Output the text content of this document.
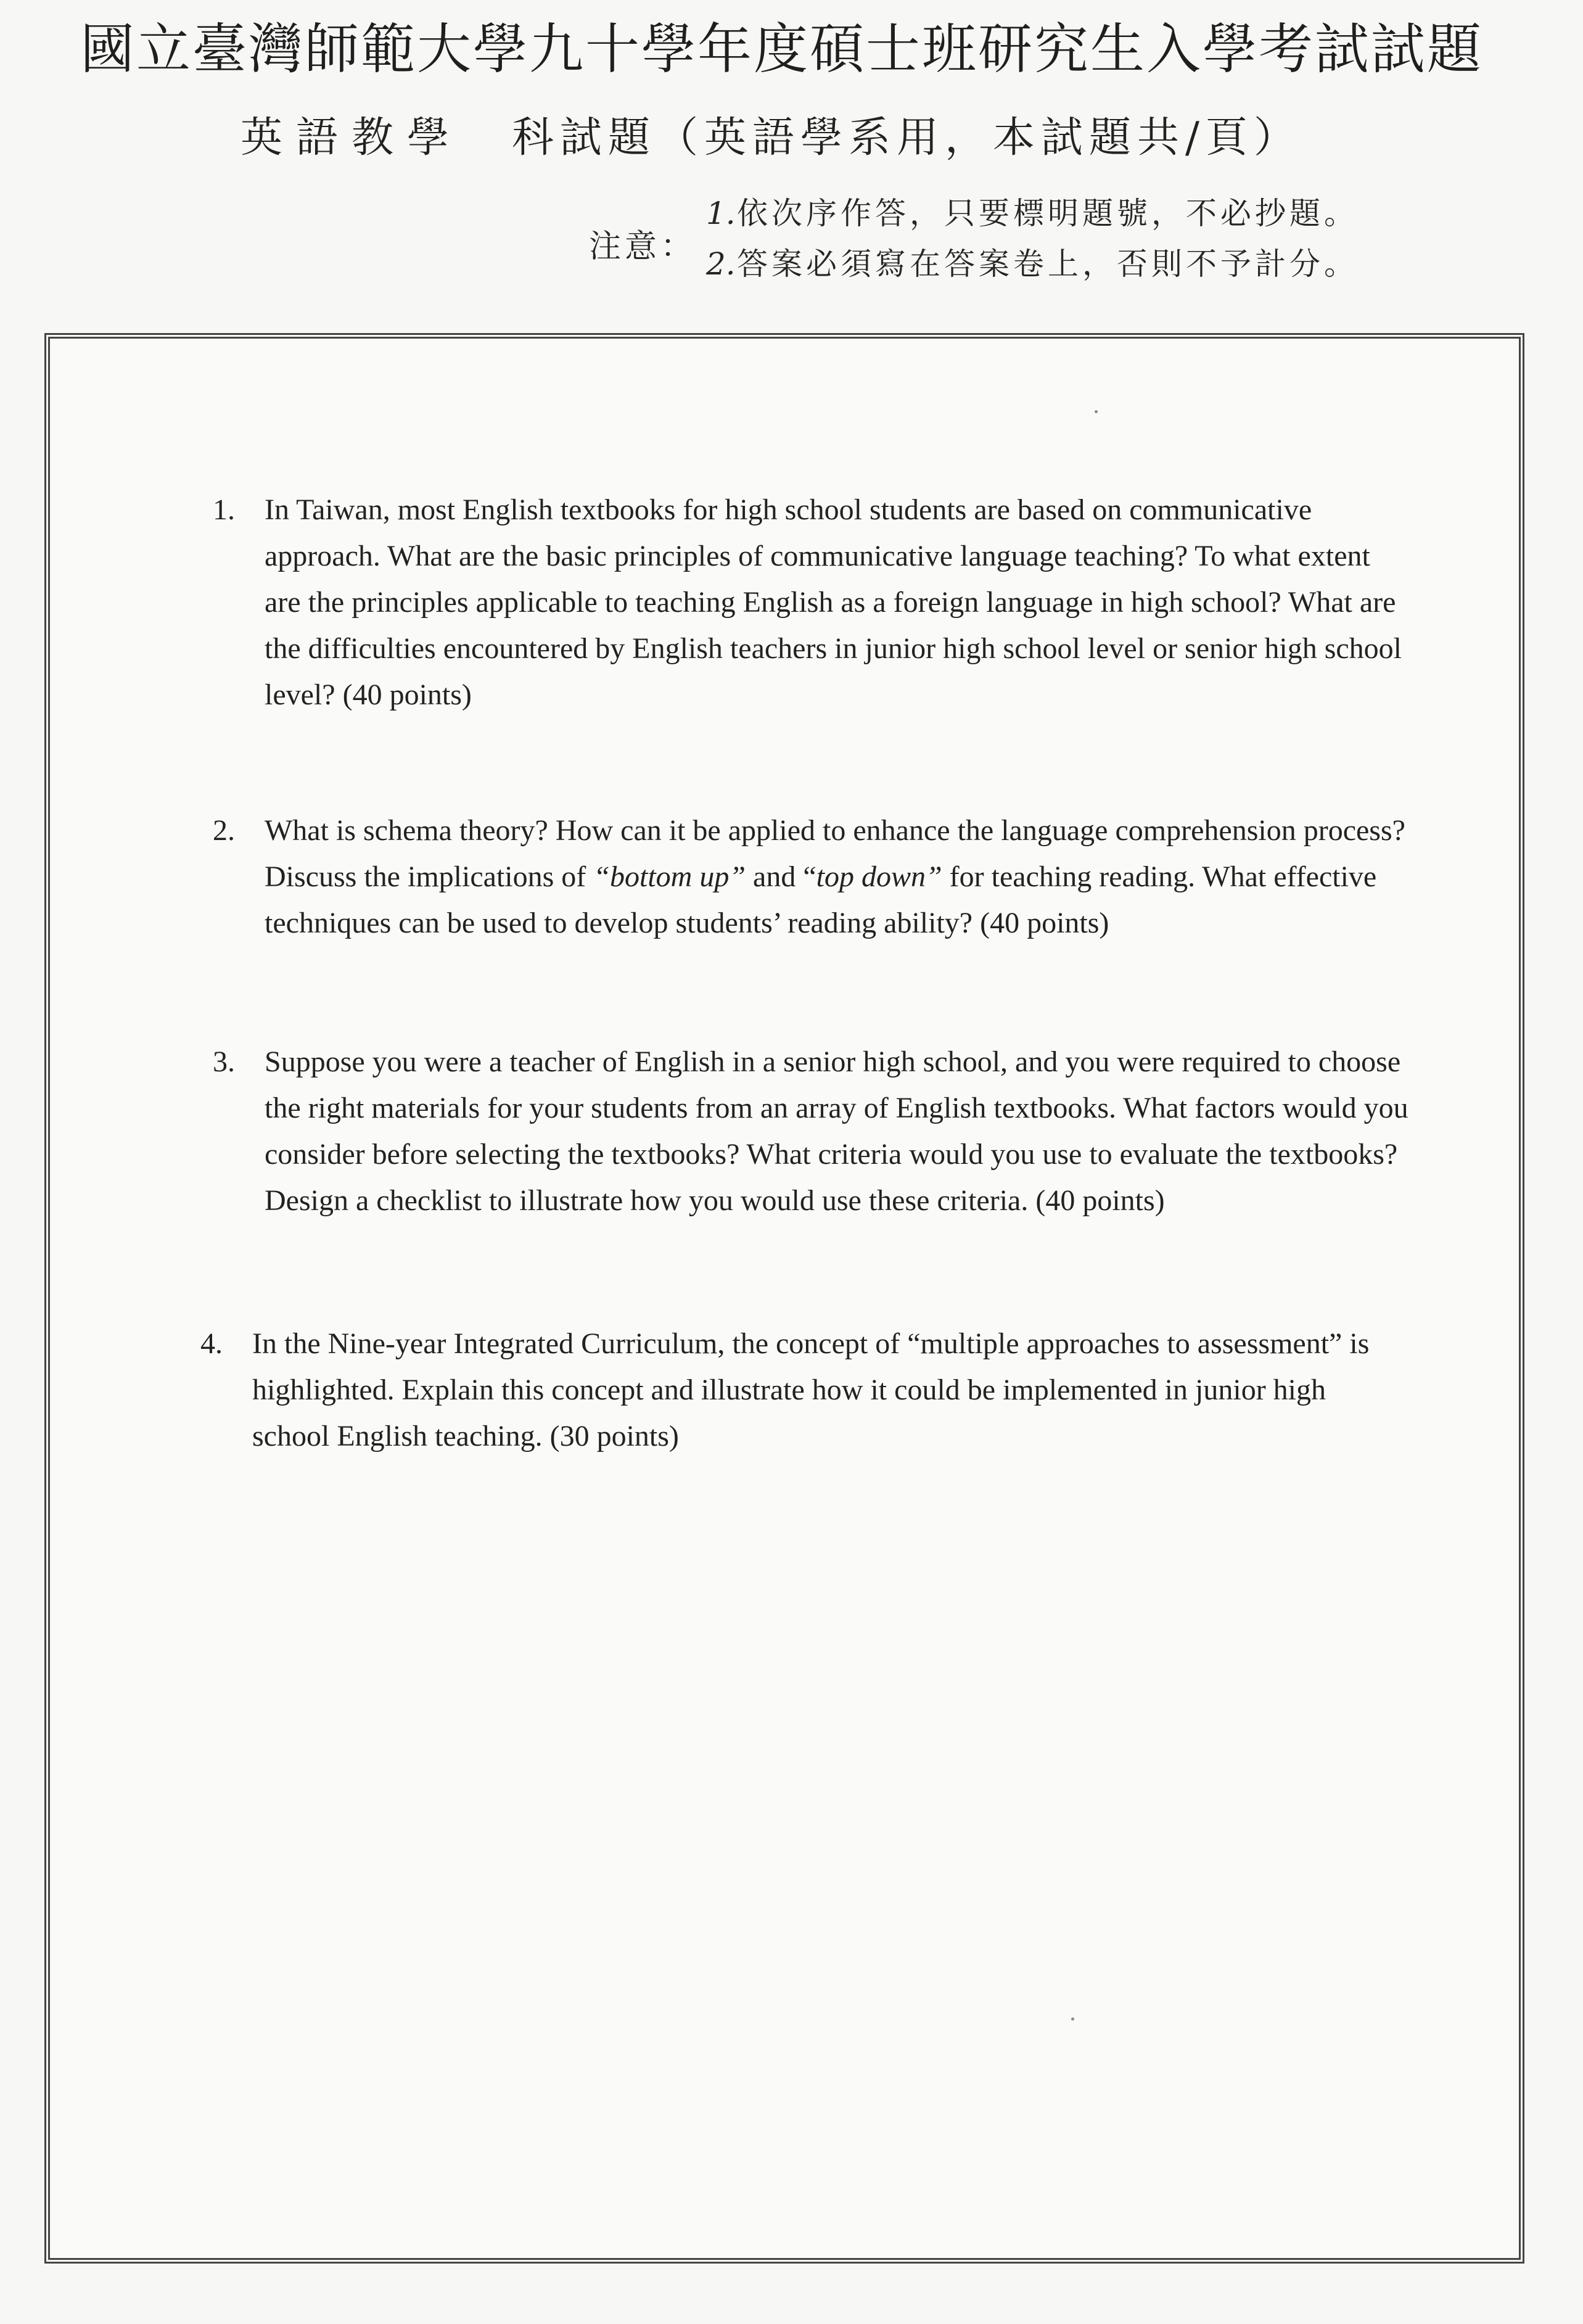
國立臺灣師範大學九十學年度碩士班研究生入學考試試題
英語教學 科試題（英語學系用，本試題共/頁）
注意：
1.依次序作答，只要標明題號，不必抄題。
2.答案必須寫在答案卷上，否則不予計分。
1.	In Taiwan, most English textbooks for high school students are based on communicative approach. What are the basic principles of communicative language teaching? To what extent are the principles applicable to teaching English as a foreign language in high school? What are the difficulties encountered by English teachers in junior high school level or senior high school level? (40 points)
2.	What is schema theory? How can it be applied to enhance the language comprehension process? Discuss the implications of “bottom up” and “top down” for teaching reading. What effective techniques can be used to develop students’ reading ability? (40 points)
3.	Suppose you were a teacher of English in a senior high school, and you were required to choose the right materials for your students from an array of English textbooks. What factors would you consider before selecting the textbooks? What criteria would you use to evaluate the textbooks? Design a checklist to illustrate how you would use these criteria. (40 points)
4.	In the Nine-year Integrated Curriculum, the concept of “multiple approaches to assessment” is highlighted. Explain this concept and illustrate how it could be implemented in junior high school English teaching. (30 points)
